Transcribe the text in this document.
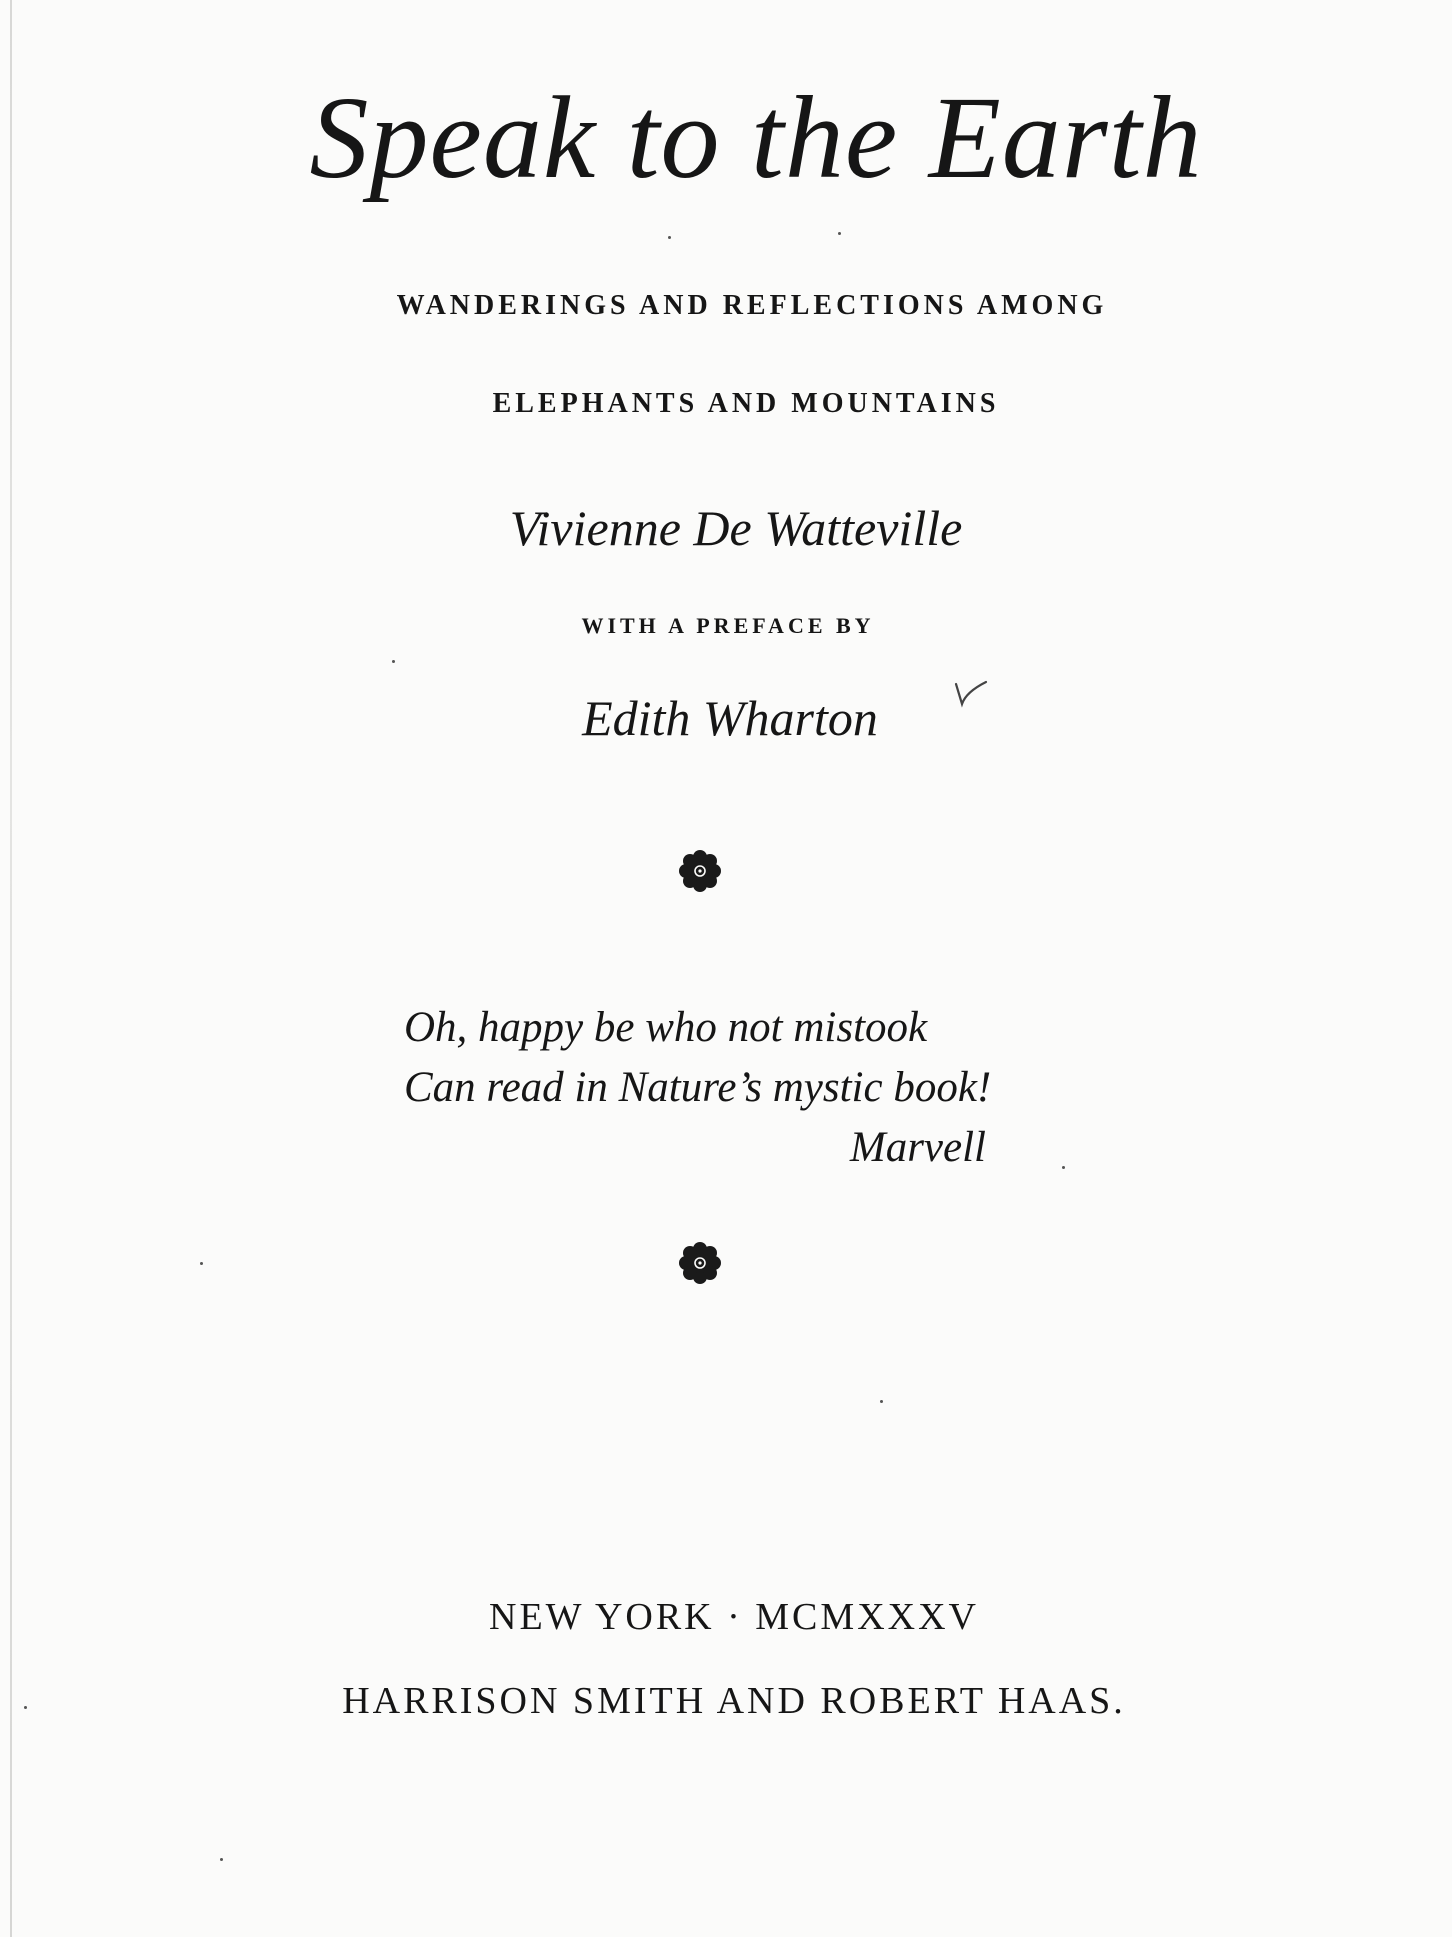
Speak to the Earth
WANDERINGS AND REFLECTIONS AMONG
ELEPHANTS AND MOUNTAINS
Vivienne De Watteville
WITH A PREFACE BY
Edith Wharton
Oh, happy be who not mistook
Can read in Nature’s mystic book!
Marvell
NEW YORK · MCMXXXV
HARRISON SMITH AND ROBERT HAAS.
